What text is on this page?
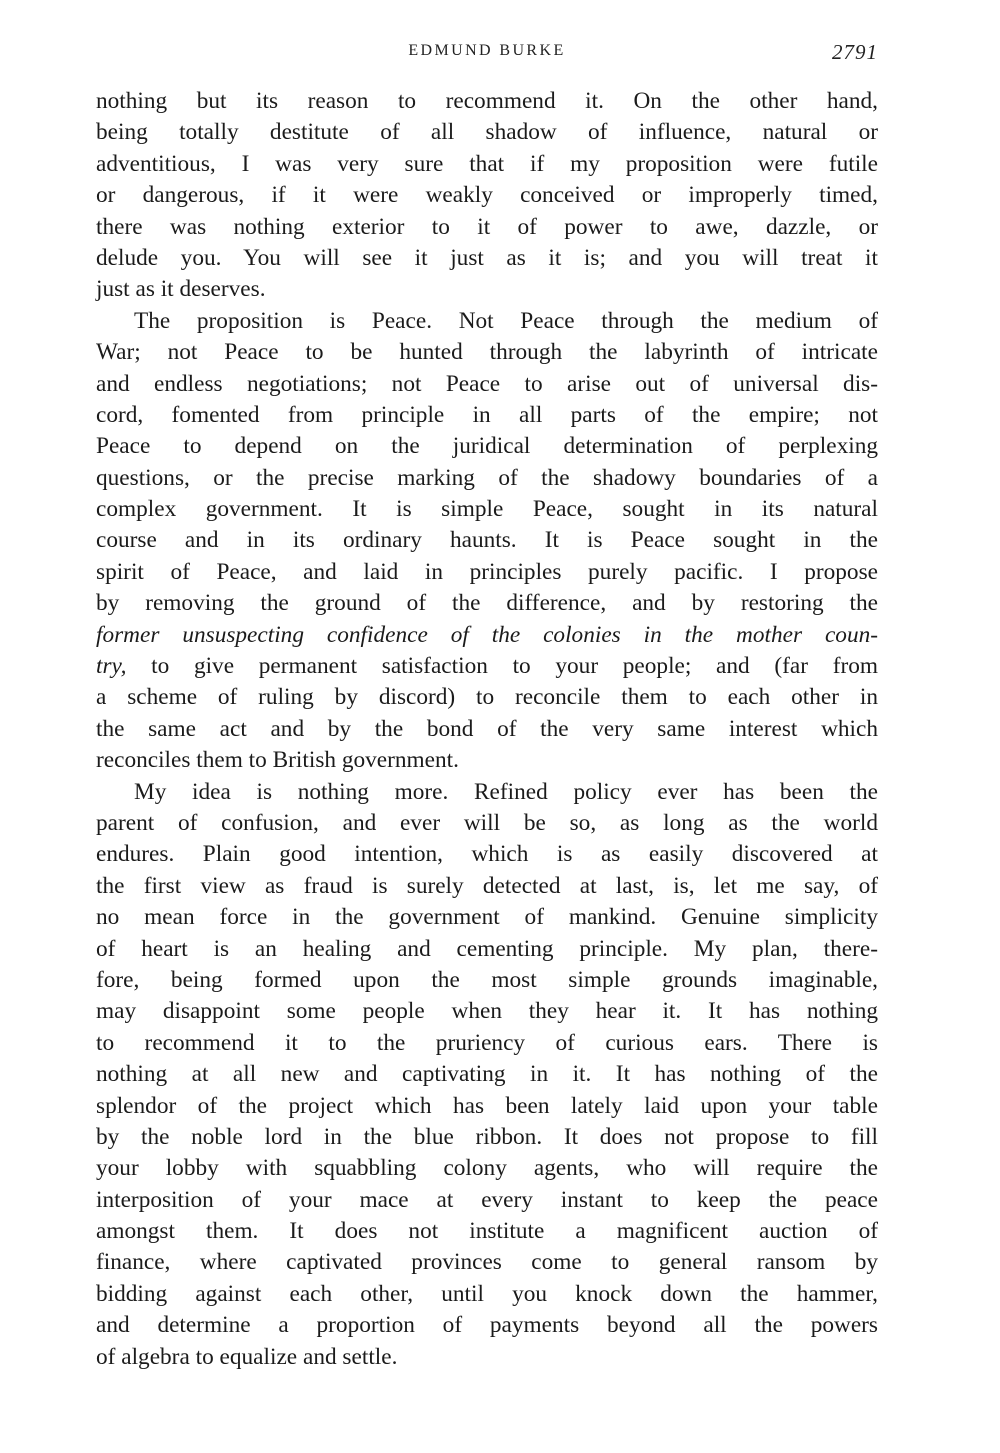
EDMUND BURKE	2791
nothing but its reason to recommend it. On the other hand,
being totally destitute of all shadow of influence, natural or
adventitious, I was very sure that if my proposition were futile
or dangerous, if it were weakly conceived or improperly timed,
there was nothing exterior to it of power to awe, dazzle, or
delude you. You will see it just as it is; and you will treat it
just as it deserves.
The proposition is Peace. Not Peace through the medium of
War; not Peace to be hunted through the labyrinth of intricate
and endless negotiations; not Peace to arise out of universal dis-
cord, fomented from principle in all parts of the empire; not
Peace to depend on the juridical determination of perplexing
questions, or the precise marking of the shadowy boundaries of a
complex government. It is simple Peace, sought in its natural
course and in its ordinary haunts. It is Peace sought in the
spirit of Peace, and laid in principles purely pacific. I propose
by removing the ground of the difference, and by restoring the
former unsuspecting confidence of the colonies in the mother coun-
try, to give permanent satisfaction to your people; and (far from
a scheme of ruling by discord) to reconcile them to each other in
the same act and by the bond of the very same interest which
reconciles them to British government.
My idea is nothing more. Refined policy ever has been the
parent of confusion, and ever will be so, as long as the world
endures. Plain good intention, which is as easily discovered at
the first view as fraud is surely detected at last, is, let me say, of
no mean force in the government of mankind. Genuine simplicity
of heart is an healing and cementing principle. My plan, there-
fore, being formed upon the most simple grounds imaginable,
may disappoint some people when they hear it. It has nothing
to recommend it to the pruriency of curious ears. There is
nothing at all new and captivating in it. It has nothing of the
splendor of the project which has been lately laid upon your table
by the noble lord in the blue ribbon. It does not propose to fill
your lobby with squabbling colony agents, who will require the
interposition of your mace at every instant to keep the peace
amongst them. It does not institute a magnificent auction of
finance, where captivated provinces come to general ransom by
bidding against each other, until you knock down the hammer,
and determine a proportion of payments beyond all the powers
of algebra to equalize and settle.
